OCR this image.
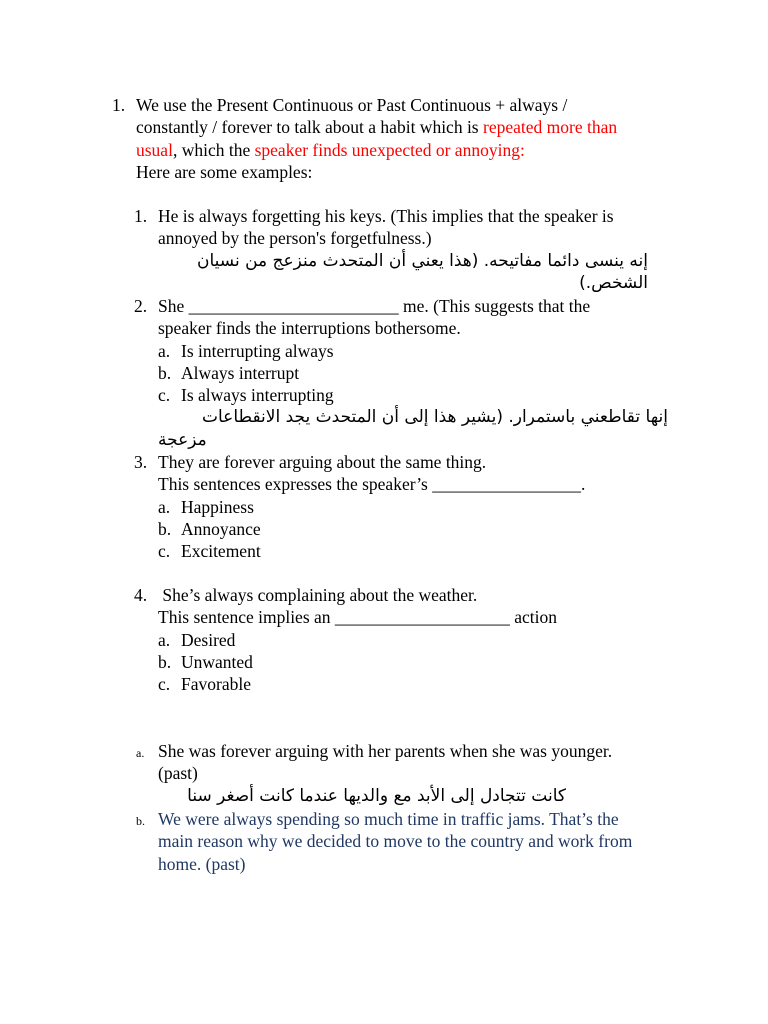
1. We use the Present Continuous or Past Continuous + always /
constantly / forever to talk about a habit which is repeated more than
usual, which the speaker finds unexpected or annoying:
Here are some examples:
1. He is always forgetting his keys. (This implies that the speaker is
annoyed by the person's forgetfulness.)
إنه ينسى دائما مفاتيحه. (هذا يعني أن المتحدث منزعج من نسيان
الشخص.)
2. She ________________________ me. (This suggests that the
speaker finds the interruptions bothersome.
a. Is interrupting always
b. Always interrupt
c. Is always interrupting
إنها تقاطعني باستمرار. (يشير هذا إلى أن المتحدث يجد الانقطاعات
مزعجة
3. They are forever arguing about the same thing.
This sentences expresses the speaker’s _________________.
a. Happiness
b. Annoyance
c. Excitement
4. She’s always complaining about the weather.
This sentence implies an ____________________ action
a. Desired
b. Unwanted
c. Favorable
a. She was forever arguing with her parents when she was younger.
(past)
كانت تتجادل إلى الأبد مع والديها عندما كانت أصغر سنا
b. We were always spending so much time in traffic jams. That’s the
main reason why we decided to move to the country and work from
home. (past)
